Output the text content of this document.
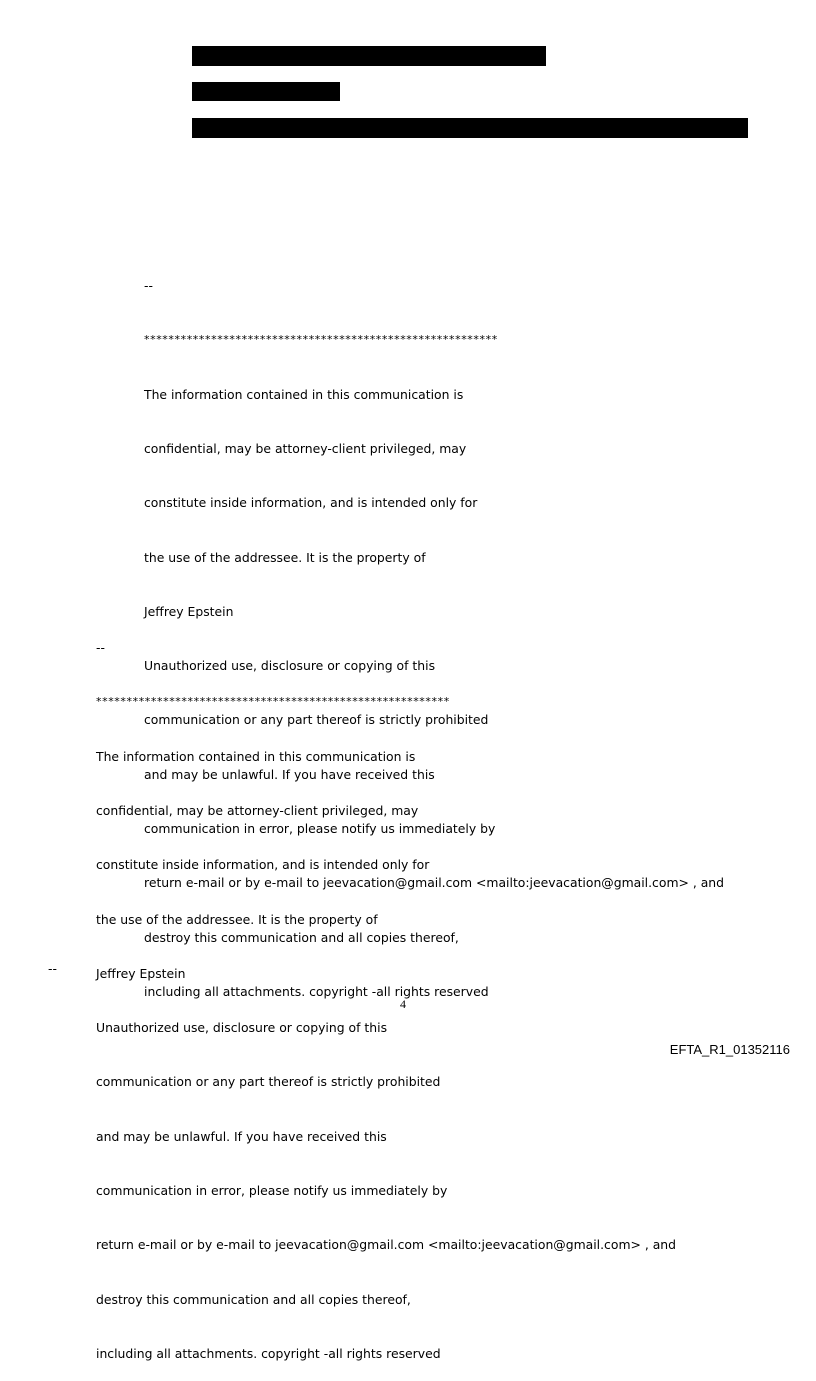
--

**********************************************************

The information contained in this communication is

confidential, may be attorney-client privileged, may

constitute inside information, and is intended only for

the use of the addressee. It is the property of

Jeffrey Epstein

Unauthorized use, disclosure or copying of this

communication or any part thereof is strictly prohibited

and may be unlawful. If you have received this

communication in error, please notify us immediately by

return e-mail or by e-mail to jeevacation@gmail.com <mailto:jeevacation@gmail.com> , and

destroy this communication and all copies thereof,

including all attachments. copyright -all rights reserved

--

**********************************************************

The information contained in this communication is

confidential, may be attorney-client privileged, may

constitute inside information, and is intended only for

the use of the addressee. It is the property of

Jeffrey Epstein

Unauthorized use, disclosure or copying of this

communication or any part thereof is strictly prohibited

and may be unlawful. If you have received this

communication in error, please notify us immediately by

return e-mail or by e-mail to jeevacation@gmail.com <mailto:jeevacation@gmail.com> , and

destroy this communication and all copies thereof,

including all attachments. copyright -all rights reserved

--
4
EFTA_R1_01352116
